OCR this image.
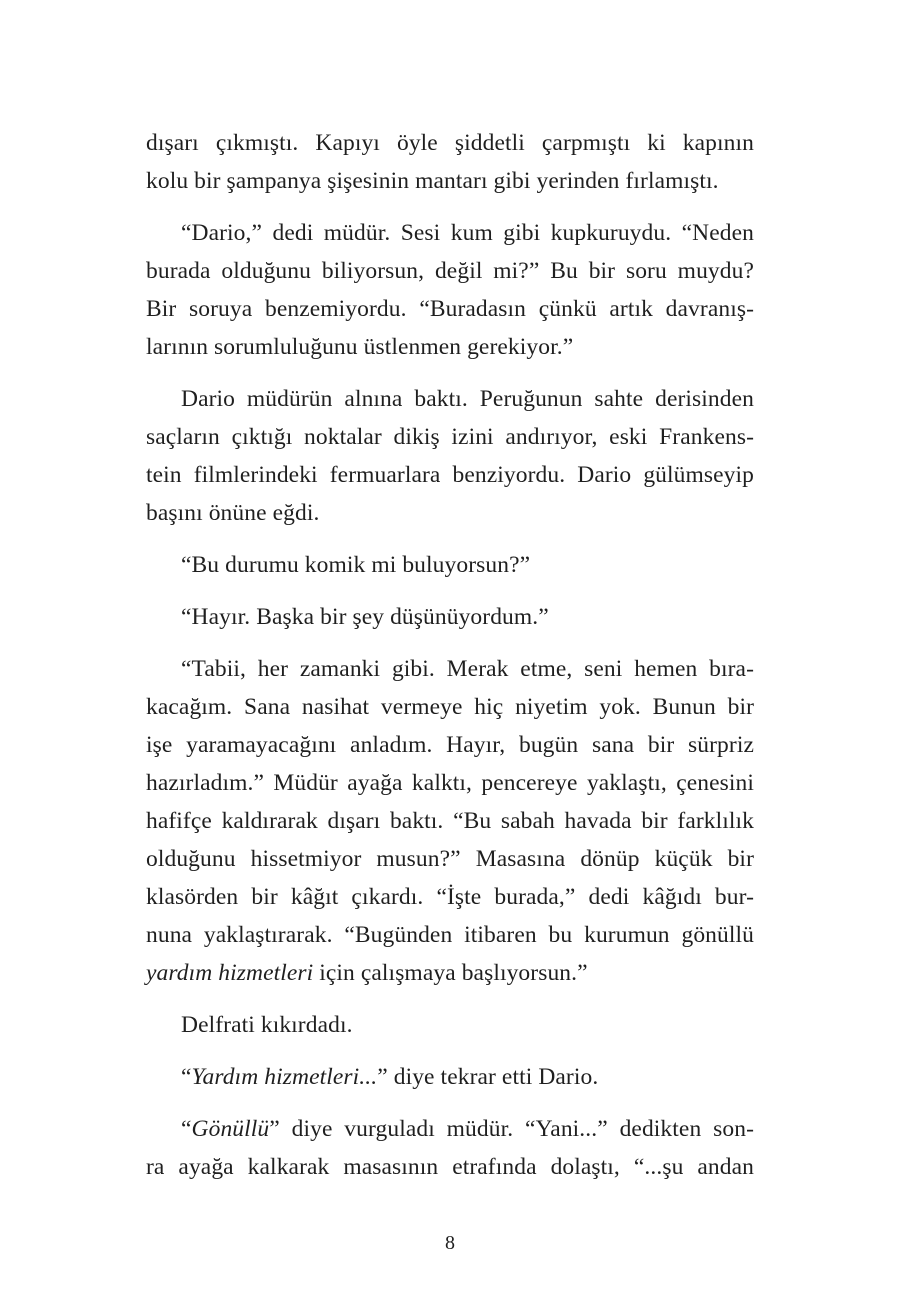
dışarı çıkmıştı. Kapıyı öyle şiddetli çarpmıştı ki kapının
kolu bir şampanya şişesinin mantarı gibi yerinden fırlamıştı.
“Dario,” dedi müdür. Sesi kum gibi kupkuruydu. “Neden
burada olduğunu biliyorsun, değil mi?” Bu bir soru muydu?
Bir soruya benzemiyordu. “Buradasın çünkü artık davranış-
larının sorumluluğunu üstlenmen gerekiyor.”
Dario müdürün alnına baktı. Peruğunun sahte derisinden
saçların çıktığı noktalar dikiş izini andırıyor, eski Frankens-
tein filmlerindeki fermuarlara benziyordu. Dario gülümseyip
başını önüne eğdi.
“Bu durumu komik mi buluyorsun?”
“Hayır. Başka bir şey düşünüyordum.”
“Tabii, her zamanki gibi. Merak etme, seni hemen bıra-
kacağım. Sana nasihat vermeye hiç niyetim yok. Bunun bir
işe yaramayacağını anladım. Hayır, bugün sana bir sürpriz
hazırladım.” Müdür ayağa kalktı, pencereye yaklaştı, çenesini
hafifçe kaldırarak dışarı baktı. “Bu sabah havada bir farklılık
olduğunu hissetmiyor musun?” Masasına dönüp küçük bir
klasörden bir kâğıt çıkardı. “İşte burada,” dedi kâğıdı bur-
nuna yaklaştırarak. “Bugünden itibaren bu kurumun gönüllü
yardım hizmetleri için çalışmaya başlıyorsun.”
Delfrati kıkırdadı.
“Yardım hizmetleri...” diye tekrar etti Dario.
“Gönüllü” diye vurguladı müdür. “Yani...” dedikten son-
ra ayağa kalkarak masasının etrafında dolaştı, “...şu andan
8
